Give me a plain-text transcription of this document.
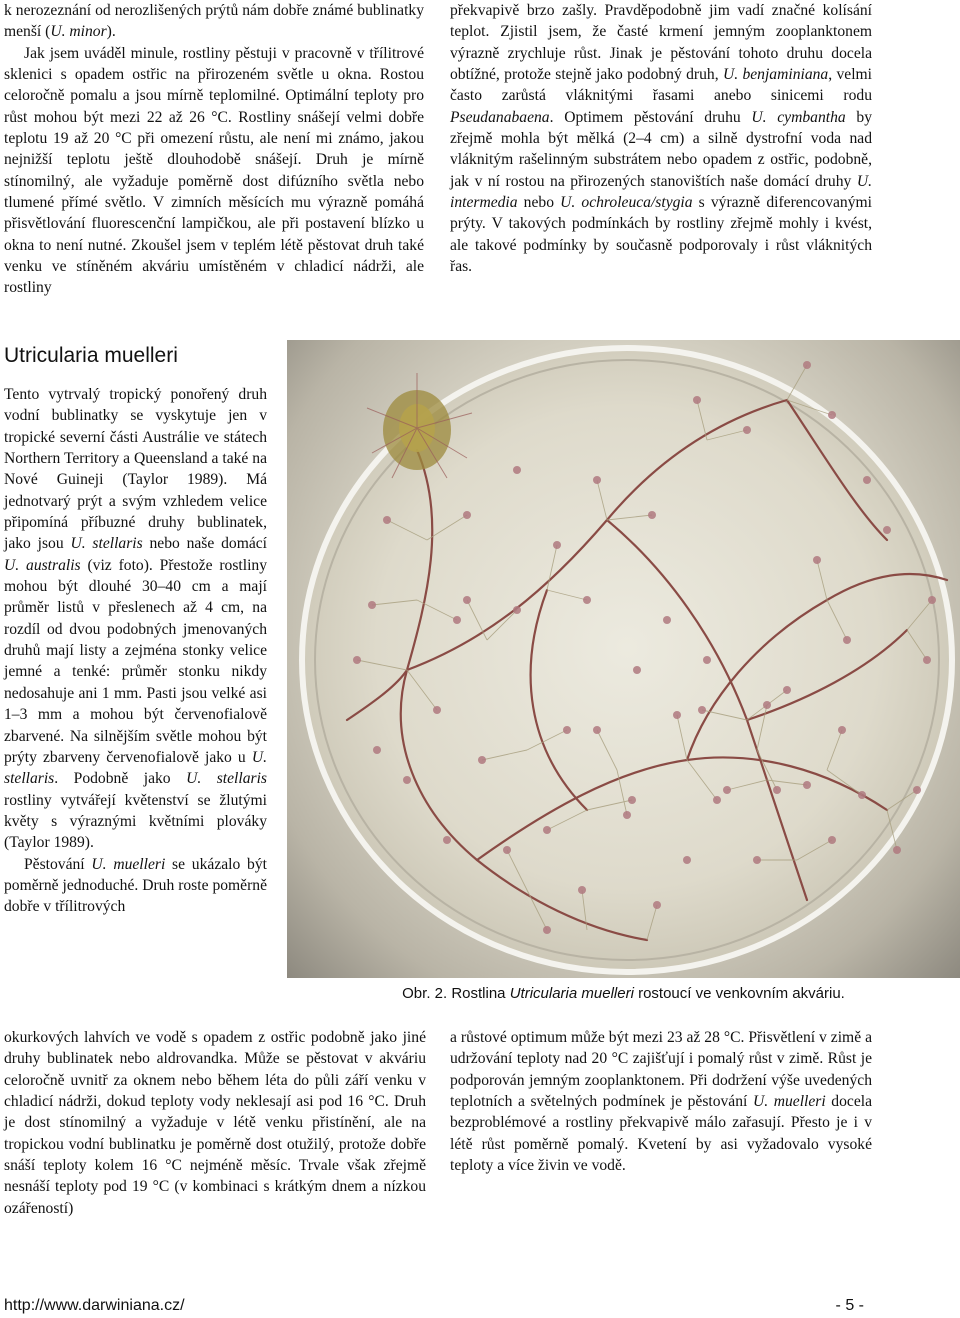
k nerozeznání od nerozlišených prýtů nám dobře známé bublinatky menší (U. minor).

Jak jsem uváděl minule, rostliny pěstuji v pracovně v třílitrové sklenici s opadem ostřic na přirozeném světle u okna. Rostou celoročně pomalu a jsou mírně teplomilné. Optimální teploty pro růst mohou být mezi 22 až 26 °C. Rostliny snášejí velmi dobře teplotu 19 až 20 °C při omezení růstu, ale není mi známo, jakou nejnižší teplotu ještě dlouhodobě snášejí. Druh je mírně stínomilný, ale vyžaduje poměrně dost difúzního světla nebo tlumené přímé světlo. V zimních měsících mu výrazně pomáhá přisvětlování fluorescenční lampičkou, ale při postavení blízko u okna to není nutné. Zkoušel jsem v teplém létě pěstovat druh také venku ve stíněném akváriu umístěném v chladicí nádrži, ale rostliny

překvapivě brzo zašly. Pravděpodobně jim vadí značné kolísání teplot. Zjistil jsem, že časté krmení jemným zooplanktonem výrazně zrychluje růst. Jinak je pěstování tohoto druhu docela obtížné, protože stejně jako podobný druh, U. benjaminiana, velmi často zarůstá vláknitými řasami anebo sinicemi rodu Pseudanabaena. Optimem pěstování druhu U. cymbantha by zřejmě mohla být mělká (2–4 cm) a silně dystrofní voda nad vláknitým rašelinným substrátem nebo opadem z ostřic, podobně, jak v ní rostou na přirozených stanovištích naše domácí druhy U. intermedia nebo U. ochroleuca/stygia s výrazně diferencovanými prýty. V takových podmínkách by rostliny zřejmě mohly i kvést, ale takové podmínky by současně podporovaly i růst vláknitých řas.

Utricularia muelleri

Tento vytrvalý tropický ponořený druh vodní bublinatky se vyskytuje jen v tropické severní části Austrálie ve státech Northern Territory a Queensland a také na Nové Guineji (Taylor 1989). Má jednotvarý prýt a svým vzhledem velice připomíná příbuzné druhy bublinatek, jako jsou U. stellaris nebo naše domácí U. australis (viz foto). Přestože rostliny mohou být dlouhé 30–40 cm a mají průměr listů v přeslenech až 4 cm, na rozdíl od dvou podobných jmenovaných druhů mají listy a zejména stonky velice jemné a tenké: průměr stonku nikdy nedosahuje ani 1 mm. Pasti jsou velké asi 1–3 mm a mohou být červenofialově zbarvené. Na silnějším světle mohou být prýty zbarveny červenofialově jako u U. stellaris. Podobně jako U. stellaris rostliny vytvářejí květenství se žlutými květy s výraznými květními plováky (Taylor 1989).

Pěstování U. muelleri se ukázalo být poměrně jednoduché. Druh roste poměrně dobře v třílitrových

okurkových lahvích ve vodě s opadem z ostřic podobně jako jiné druhy bublinatek nebo aldrovandka. Může se pěstovat v akváriu celoročně uvnitř za oknem nebo během léta do půli září venku v chladicí nádrži, dokud teploty vody neklesají asi pod 16 °C. Druh je dost stínomilný a vyžaduje v létě venku přistínění, ale na tropickou vodní bublinatku je poměrně dost otužilý, protože dobře snáší teploty kolem 16 °C nejméně měsíc. Trvale však zřejmě nesnáší teploty pod 19 °C (v kombinaci s krátkým dnem a nízkou ozářeností)

a růstové optimum může být mezi 23 až 28 °C. Přisvětlení v zimě a udržování teploty nad 20 °C zajišťují i pomalý růst v zimě. Růst je podporován jemným zooplanktonem. Při dodržení výše uvedených teplotních a světelných podmínek je pěstování U. muelleri docela bezproblémové a rostliny překvapivě málo zařasují. Přesto je i v létě růst poměrně pomalý. Kvetení by asi vyžadovalo vysoké teploty a více živin ve vodě.

Obr. 2. Rostlina Utricularia muelleri rostoucí ve venkovním akváriu.
http://www.darwiniana.cz/	- 5 -
